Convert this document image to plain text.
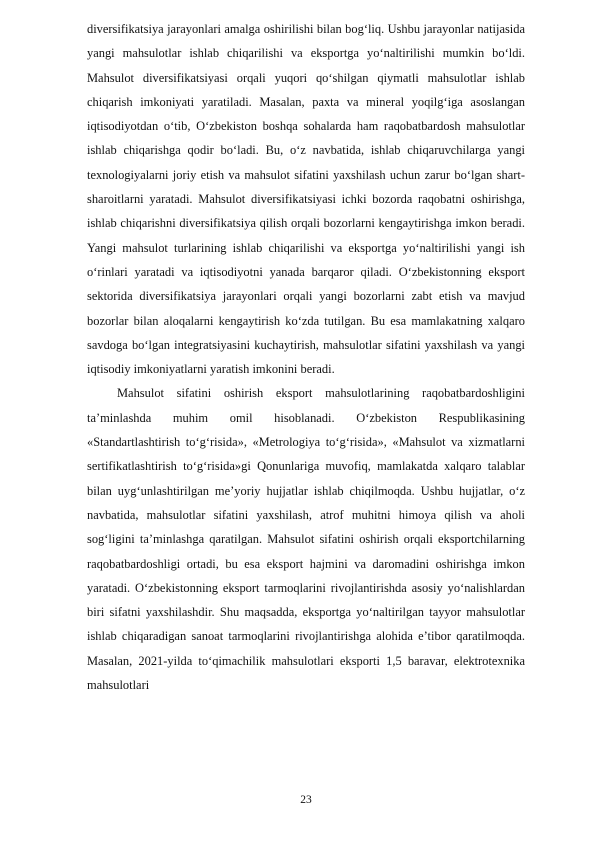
diversifikatsiya jarayonlari amalga oshirilishi bilan bog‘liq. Ushbu jarayonlar natijasida yangi mahsulotlar ishlab chiqarilishi va eksportga yo‘naltirilishi mumkin bo‘ldi. Mahsulot diversifikatsiyasi orqali yuqori qo‘shilgan qiymatli mahsulotlar ishlab chiqarish imkoniyati yaratiladi. Masalan, paxta va mineral yoqilg‘iga asoslangan iqtisodiyotdan o‘tib, O‘zbekiston boshqa sohalarda ham raqobatbardosh mahsulotlar ishlab chiqarishga qodir bo‘ladi. Bu, o‘z navbatida, ishlab chiqaruvchilarga yangi texnologiyalarni joriy etish va mahsulot sifatini yaxshilash uchun zarur bo‘lgan shart-sharoitlarni yaratadi. Mahsulot diversifikatsiyasi ichki bozorda raqobatni oshirishga, ishlab chiqarishni diversifikatsiya qilish orqali bozorlarni kengaytirishga imkon beradi. Yangi mahsulot turlarining ishlab chiqarilishi va eksportga yo‘naltirilishi yangi ish o‘rinlari yaratadi va iqtisodiyotni yanada barqaror qiladi. O‘zbekistonning eksport sektorida diversifikatsiya jarayonlari orqali yangi bozorlarni zabt etish va mavjud bozorlar bilan aloqalarni kengaytirish ko‘zda tutilgan. Bu esa mamlakatning xalqaro savdoga bo‘lgan integratsiyasini kuchaytirish, mahsulotlar sifatini yaxshilash va yangi iqtisodiy imkoniyatlarni yaratish imkonini beradi.

Mahsulot sifatini oshirish eksport mahsulotlarining raqobatbardoshligini ta’minlashda muhim omil hisoblanadi. O‘zbekiston Respublikasining «Standartlashtirish to‘g‘risida», «Metrologiya to‘g‘risida», «Mahsulot va xizmatlarni sertifikatlashtirish to‘g‘risida»gi Qonunlariga muvofiq, mamlakatda xalqaro talablar bilan uyg‘unlashtirilgan me’yoriy hujjatlar ishlab chiqilmoqda. Ushbu hujjatlar, o‘z navbatida, mahsulotlar sifatini yaxshilash, atrof muhitni himoya qilish va aholi sog‘ligini ta’minlashga qaratilgan. Mahsulot sifatini oshirish orqali eksportchilarning raqobatbardoshligi ortadi, bu esa eksport hajmini va daromadini oshirishga imkon yaratadi. O‘zbekistonning eksport tarmoqlarini rivojlantirishda asosiy yo‘nalishlardan biri sifatni yaxshilashdir. Shu maqsadda, eksportga yo‘naltirilgan tayyor mahsulotlar ishlab chiqaradigan sanoat tarmoqlarini rivojlantirishga alohida e’tibor qaratilmoqda. Masalan, 2021-yilda to‘qimachilik mahsulotlari eksporti 1,5 baravar, elektrotexnika mahsulotlari

23
